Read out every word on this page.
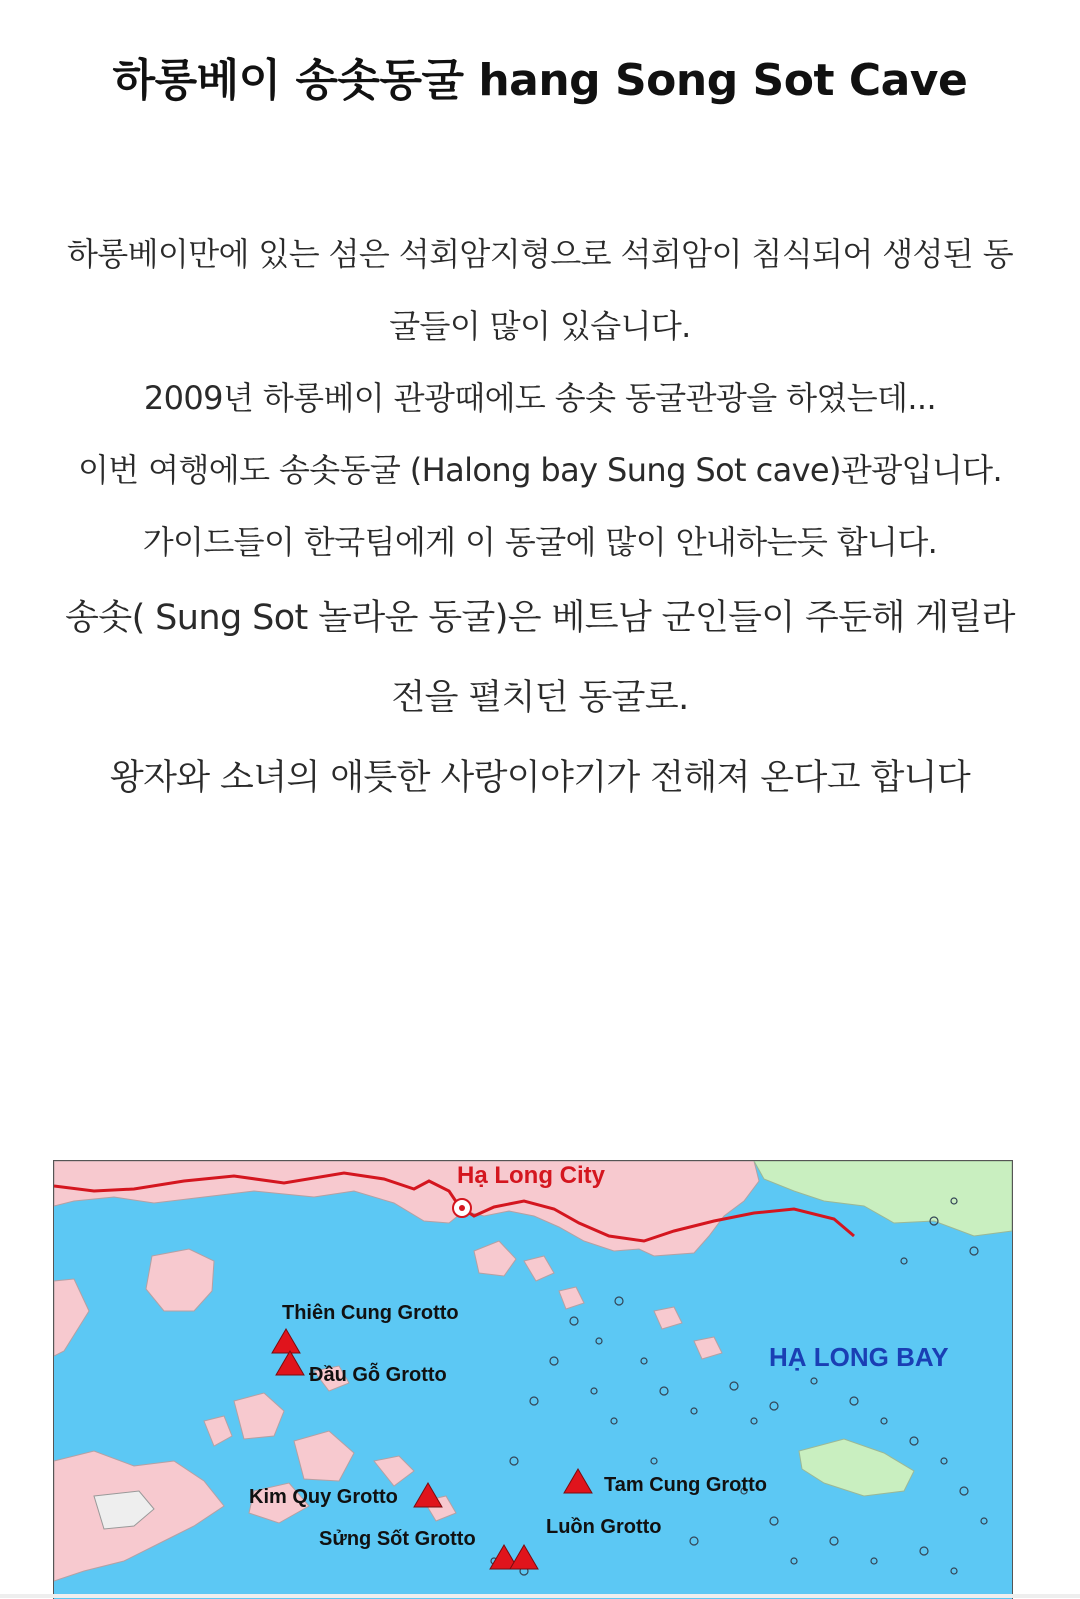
하롱베이 송솟동굴 hang Song Sot Cave

하롱베이만에 있는 섬은 석회암지형으로 석회암이 침식되어 생성된 동굴들이 많이 있습니다.

2009년 하롱베이 관광때에도 송솟 동굴관광을 하였는데...

이번 여행에도 송솟동굴 (Halong bay Sung Sot cave)관광입니다.

가이드들이 한국팀에게 이 동굴에 많이 안내하는듯 합니다.

송솟( Sung Sot 놀라운 동굴)은 베트남 군인들이 주둔해 게릴라전을 펼치던 동굴로.

왕자와 소녀의 애틋한 사랑이야기가 전해져 온다고 합니다

Hạ Long City
HẠ LONG BAY
Thiên Cung Grotto
Đầu Gỗ Grotto
Kim Quy Grotto
Tam Cung Grotto
Sửng Sốt Grotto
Luồn Grotto
